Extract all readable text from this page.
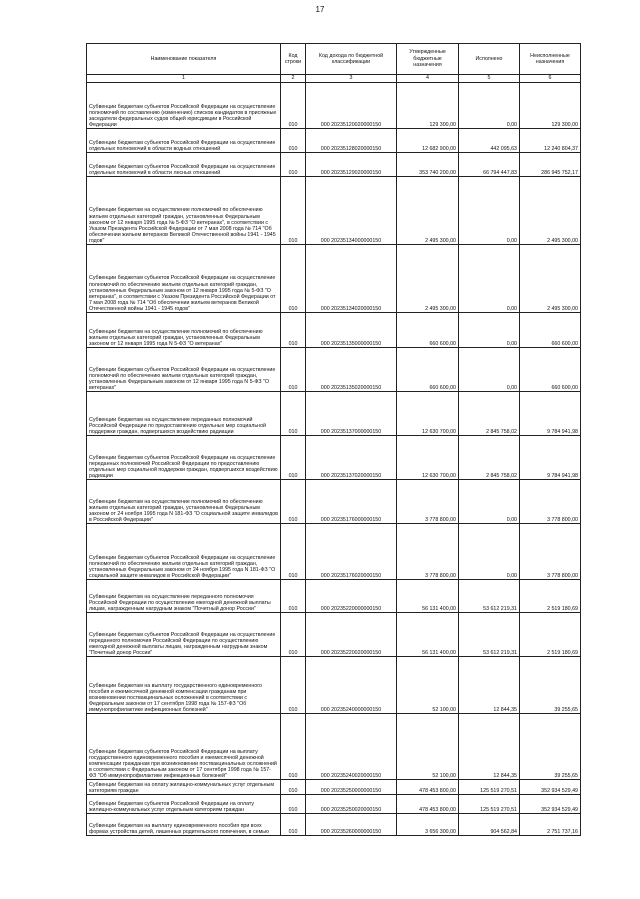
17
Наименование показателя	Код строки	Код дохода по бюджетной классификации	Утвержденные бюджетные назначения	Исполнено	Неисполненные назначения
1	2	3	4	5	6
Субвенции бюджетам субъектов Российской Федерации на осуществление полномочий по составлению (изменению) списков кандидатов в присяжные заседатели федеральных судов общей юрисдикции в Российской Федерации	010	000 20235120020000150	129 300,00	0,00	129 300,00
Субвенции бюджетам субъектов Российской Федерации на осуществление отдельных полномочий в области водных отношений	010	000 20235128020000150	12 682 900,00	442 095,63	12 240 804,37
Субвенции бюджетам субъектов Российской Федерации на осуществление отдельных полномочий в области лесных отношений	010	000 20235129020000150	353 740 200,00	66 794 447,83	286 945 752,17
Субвенции бюджетам на осуществление полномочий по обеспечению жильем отдельных категорий граждан, установленных Федеральным законом от 12 января 1995 года № 5-ФЗ "О ветеранах", в соответствии с Указом Президента Российской Федерации от 7 мая 2008 года № 714 "Об обеспечении жильем ветеранов Великой Отечественной войны 1941 - 1945 годов"	010	000 20235134000000150	2 495 300,00	0,00	2 495 300,00
Субвенции бюджетам субъектов Российской Федерации на осуществление полномочий по обеспечению жильем отдельных категорий граждан, установленных Федеральным законом от 12 января 1995 года № 5-ФЗ "О ветеранах", в соответствии с Указом Президента Российской Федерации от 7 мая 2008 года № 714 "Об обеспечении жильем ветеранов Великой Отечественной войны 1941 - 1945 годов"	010	000 20235134020000150	2 495 300,00	0,00	2 495 300,00
Субвенции бюджетам на осуществление полномочий по обеспечению жильем отдельных категорий граждан, установленных Федеральным законом от 12 января 1995 года N 5-ФЗ "О ветеранах"	010	000 20235135000000150	660 600,00	0,00	660 600,00
Субвенции бюджетам субъектов Российской Федерации на осуществление полномочий по обеспечению жильем отдельных категорий граждан, установленных Федеральным законом от 12 января 1995 года N 5-ФЗ "О ветеранах"	010	000 20235135020000150	660 600,00	0,00	660 600,00
Субвенции бюджетам на осуществление переданных полномочий Российской Федерации по предоставлению отдельных мер социальной поддержки граждан, подвергшихся воздействию радиации	010	000 20235137000000150	12 630 700,00	2 845 758,02	9 784 941,98
Субвенции бюджетам субъектов Российской Федерации на осуществление переданных полномочий Российской Федерации по предоставлению отдельных мер социальной поддержки граждан, подвергшихся воздействию радиации	010	000 20235137020000150	12 630 700,00	2 845 758,02	9 784 941,98
Субвенции бюджетам на осуществление полномочий по обеспечению жильем отдельных категорий граждан, установленных Федеральным законом от 24 ноября 1995 года N 181-ФЗ "О социальной защите инвалидов в Российской Федерации"	010	000 20235176000000150	3 778 800,00	0,00	3 778 800,00
Субвенции бюджетам субъектов Российской Федерации на осуществление полномочий по обеспечению жильем отдельных категорий граждан, установленных Федеральным законом от 24 ноября 1995 года N 181-ФЗ "О социальной защите инвалидов в Российской Федерации"	010	000 20235176020000150	3 778 800,00	0,00	3 778 800,00
Субвенции бюджетам на осуществление переданного полномочия Российской Федерации по осуществлению ежегодной денежной выплаты лицам, награжденным нагрудным знаком "Почетный донор России"	010	000 20235220000000150	56 131 400,00	53 612 219,31	2 519 180,69
Субвенции бюджетам субъектов Российской Федерации на осуществление переданного полномочия Российской Федерации по осуществлению ежегодной денежной выплаты лицам, награжденным нагрудным знаком "Почетный донор России"	010	000 20235220020000150	56 131 400,00	53 612 219,31	2 519 180,69
Субвенции бюджетам на выплату государственного единовременного пособия и ежемесячной денежной компенсации гражданам при возникновении поствакцинальных осложнений в соответствии с Федеральным законом от 17 сентября 1998 года № 157-ФЗ "Об иммунопрофилактике инфекционных болезней"	010	000 20235240000000150	52 100,00	12 844,35	39 255,65
Субвенции бюджетам субъектов Российской Федерации на выплату государственного единовременного пособия и ежемесячной денежной компенсации гражданам при возникновении поствакцинальных осложнений в соответствии с Федеральным законом от 17 сентября 1998 года № 157-ФЗ "Об иммунопрофилактике инфекционных болезней"	010	000 20235240020000150	52 100,00	12 844,35	39 255,65
Субвенции бюджетам на оплату жилищно-коммунальных услуг отдельным категориям граждан	010	000 20235250000000150	478 453 800,00	125 519 270,51	352 934 529,49
Субвенции бюджетам субъектов Российской Федерации на оплату жилищно-коммунальных услуг отдельным категориям граждан	010	000 20235250020000150	478 453 800,00	125 519 270,51	352 934 529,49
Субвенции бюджетам на выплату единовременного пособия при всех формах устройства детей, лишенных родительского попечения, в семью	010	000 20235260000000150	3 656 300,00	904 562,84	2 751 737,16
